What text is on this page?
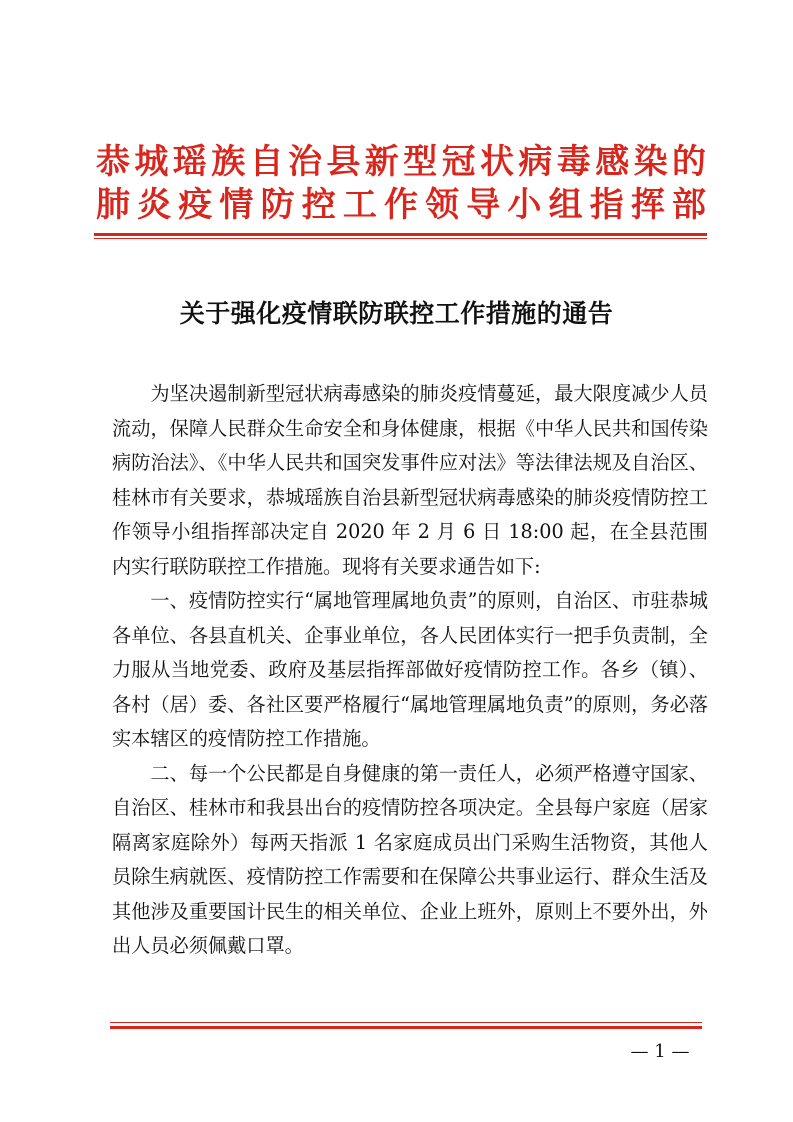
恭城瑶族自治县新型冠状病毒感染的
肺炎疫情防控工作领导小组指挥部
关于强化疫情联防联控工作措施的通告

为坚决遏制新型冠状病毒感染的肺炎疫情蔓延，最大限度减少人员流动，保障人民群众生命安全和身体健康，根据《中华人民共和国传染病防治法》、《中华人民共和国突发事件应对法》等法律法规及自治区、桂林市有关要求，恭城瑶族自治县新型冠状病毒感染的肺炎疫情防控工作领导小组指挥部决定自 2020 年 2 月 6 日 18:00 起，在全县范围内实行联防联控工作措施。现将有关要求通告如下:

一、疫情防控实行“属地管理属地负责”的原则，自治区、市驻恭城各单位、各县直机关、企事业单位，各人民团体实行一把手负责制，全力服从当地党委、政府及基层指挥部做好疫情防控工作。各乡（镇）、各村（居）委、各社区要严格履行“属地管理属地负责”的原则，务必落实本辖区的疫情防控工作措施。

二、每一个公民都是自身健康的第一责任人，必须严格遵守国家、自治区、桂林市和我县出台的疫情防控各项决定。全县每户家庭（居家隔离家庭除外）每两天指派 1 名家庭成员出门采购生活物资，其他人员除生病就医、疫情防控工作需要和在保障公共事业运行、群众生活及其他涉及重要国计民生的相关单位、企业上班外，原则上不要外出，外出人员必须佩戴口罩。

— 1 —
